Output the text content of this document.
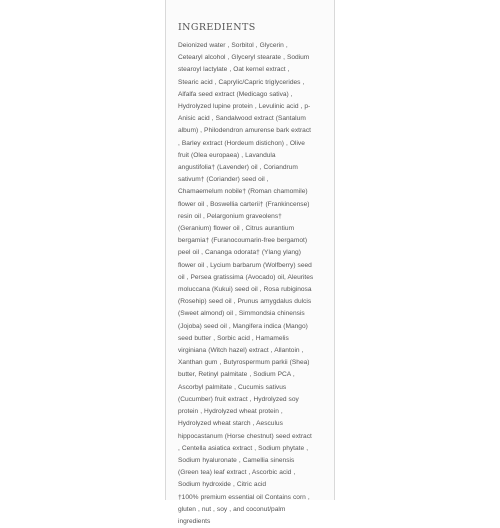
INGREDIENTS
Deionized water , Sorbitol , Glycerin ,
Cetearyl alcohol , Glyceryl stearate , Sodium
stearoyl lactylate , Oat kernel extract ,
Stearic acid , Caprylic/Capric triglycerides ,
Alfalfa seed extract (Medicago sativa) ,
Hydrolyzed lupine protein , Levulinic acid , p-
Anisic acid , Sandalwood extract (Santalum
album) , Philodendron amurense bark extract
, Barley extract (Hordeum distichon) , Olive
fruit (Olea europaea) , Lavandula
angustifolia† (Lavender) oil , Coriandrum
sativum† (Coriander) seed oil ,
Chamaemelum nobile† (Roman chamomile)
flower oil , Boswellia carterii† (Frankincense)
resin oil , Pelargonium graveolens†
(Geranium) flower oil , Citrus aurantium
bergamia† (Furanocoumarin-free bergamot)
peel oil , Cananga odorata† (Ylang ylang)
flower oil , Lycium barbarum (Wolfberry) seed
oil , Persea gratissima (Avocado) oil, Aleurites
moluccana (Kukui) seed oil , Rosa rubiginosa
(Rosehip) seed oil , Prunus amygdalus dulcis
(Sweet almond) oil , Simmondsia chinensis
(Jojoba) seed oil , Mangifera indica (Mango)
seed butter , Sorbic acid , Hamamelis
virginiana (Witch hazel) extract , Allantoin ,
Xanthan gum , Butyrospermum parkii (Shea)
butter, Retinyl palmitate , Sodium PCA ,
Ascorbyl palmitate , Cucumis sativus
(Cucumber) fruit extract , Hydrolyzed soy
protein , Hydrolyzed wheat protein ,
Hydrolyzed wheat starch , Aesculus
hippocastanum (Horse chestnut) seed extract
, Centella asiatica extract , Sodium phytate ,
Sodium hyaluronate , Camellia sinensis
(Green tea) leaf extract , Ascorbic acid ,
Sodium hydroxide , Citric acid
†100% premium essential oil Contains corn ,
gluten , nut , soy , and coconut/palm
ingredients
